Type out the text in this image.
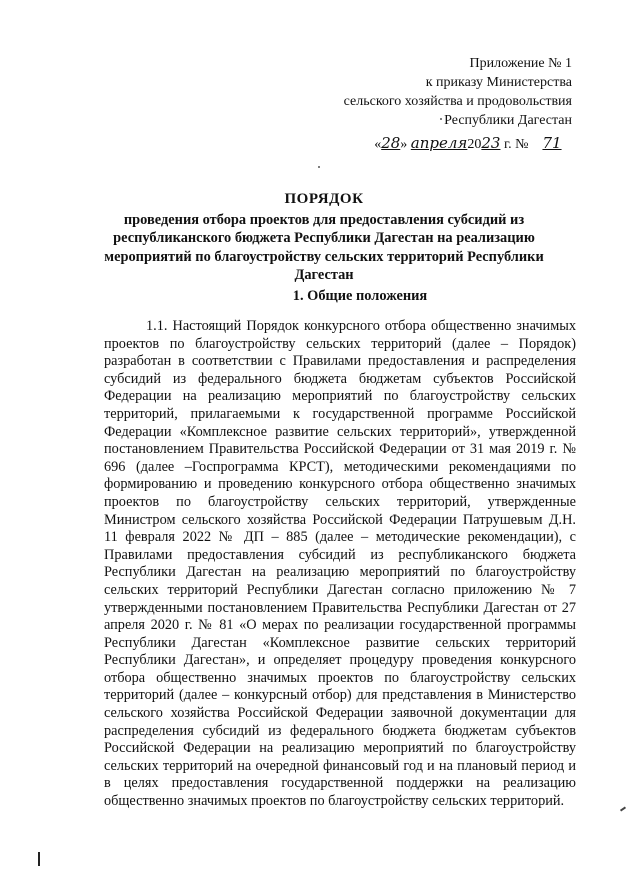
Приложение № 1
к приказу Министерства
сельского хозяйства и продовольствия
Республики Дагестан
«28» апреля2023 г. № 71
ПОРЯДОК
проведения отбора проектов для предоставления субсидий из республиканского бюджета Республики Дагестан на реализацию мероприятий по благоустройству сельских территорий Республики Дагестан
1. Общие положения
1.1. Настоящий Порядок конкурсного отбора общественно значимых проектов по благоустройству сельских территорий (далее – Порядок) разработан в соответствии с Правилами предоставления и распределения субсидий из федерального бюджета бюджетам субъектов Российской Федерации на реализацию мероприятий по благоустройству сельских территорий, прилагаемыми к государственной программе Российской Федерации «Комплексное развитие сельских территорий», утвержденной постановлением Правительства Российской Федерации от 31 мая 2019 г. № 696 (далее –Госпрограмма КРСТ), методическими рекомендациями по формированию и проведению конкурсного отбора общественно значимых проектов по благоустройству сельских территорий, утвержденные Министром сельского хозяйства Российской Федерации Патрушевым Д.Н. 11 февраля 2022 № ДП – 885 (далее – методические рекомендации), с Правилами предоставления субсидий из республиканского бюджета Республики Дагестан на реализацию мероприятий по благоустройству сельских территорий Республики Дагестан согласно приложению № 7 утвержденными постановлением Правительства Республики Дагестан от 27 апреля 2020 г. № 81 «О мерах по реализации государственной программы Республики Дагестан «Комплексное развитие сельских территорий Республики Дагестан», и определяет процедуру проведения конкурсного отбора общественно значимых проектов по благоустройству сельских территорий (далее – конкурсный отбор) для представления в Министерство сельского хозяйства Российской Федерации заявочной документации для распределения субсидий из федерального бюджета бюджетам субъектов Российской Федерации на реализацию мероприятий по благоустройству сельских территорий на очередной финансовый год и на плановый период и в целях предоставления государственной поддержки на реализацию общественно значимых проектов по благоустройству сельских территорий.
